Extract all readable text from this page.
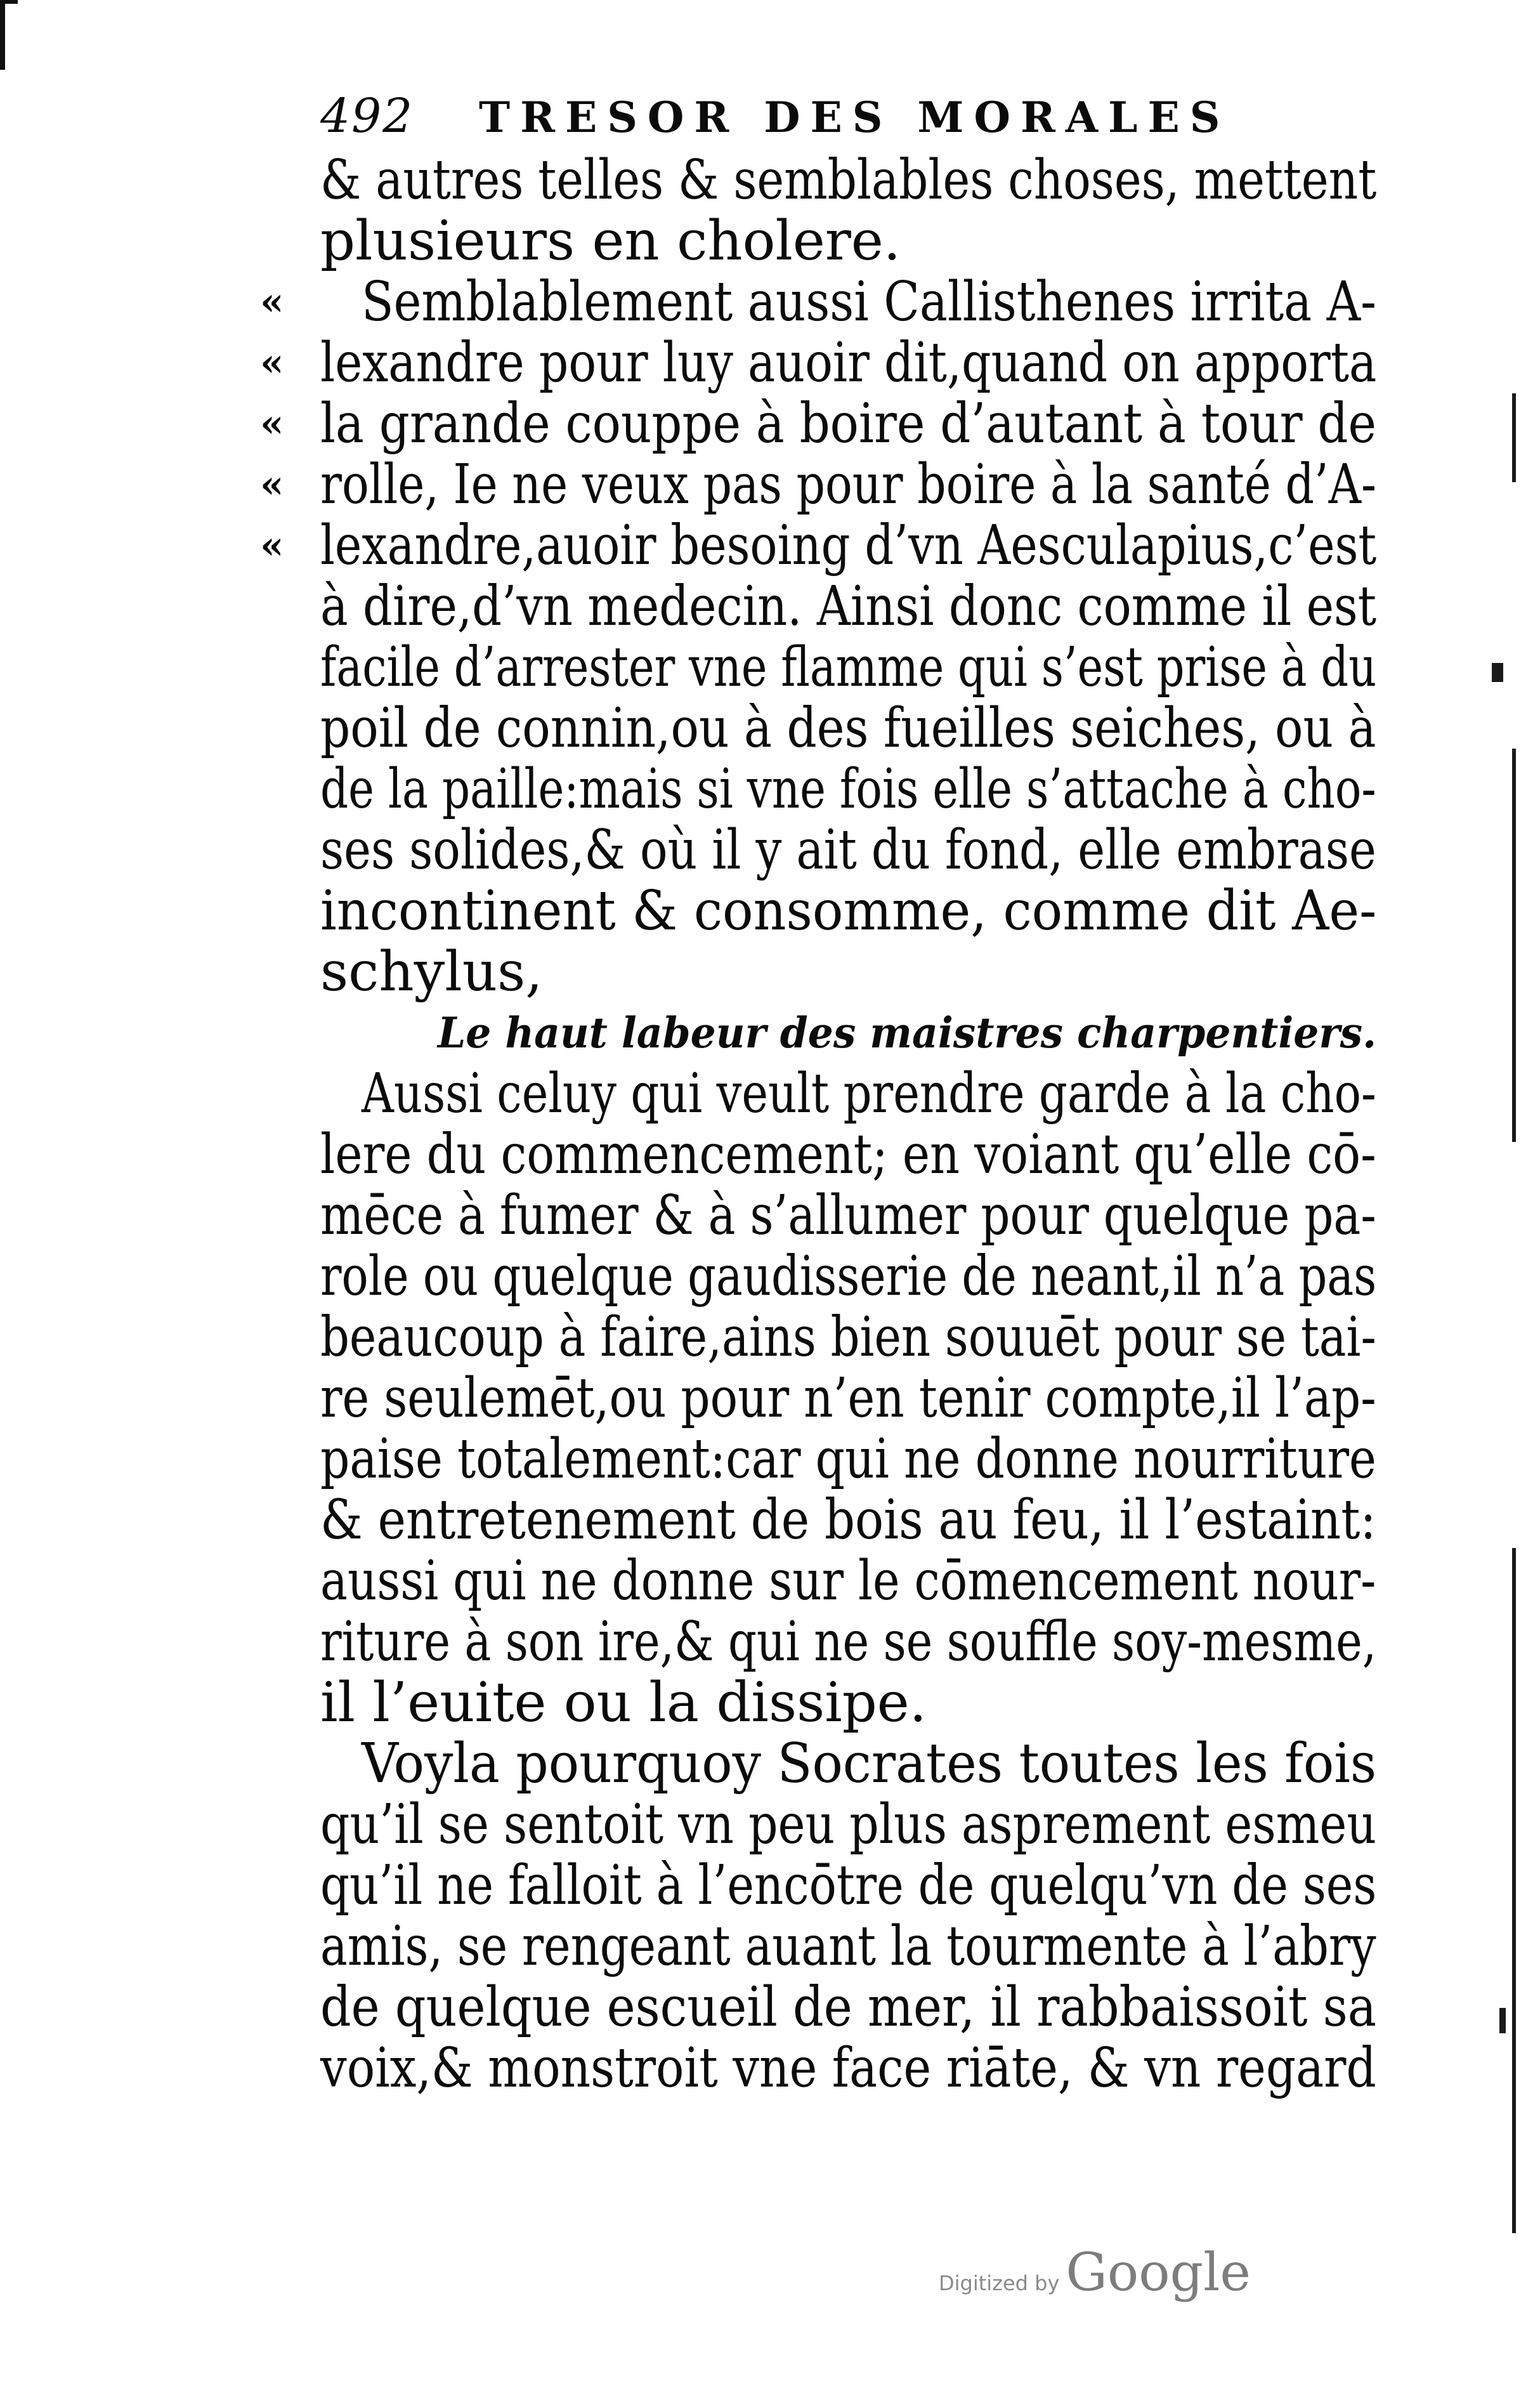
492	TRESOR DES MORALES
& autres telles & semblables choses, mettent
plusieurs en cholere.
« Semblablement aussi Callisthenes irrita A-
« lexandre pour luy auoir dit,quand on apporta
« la grande couppe à boire d’autant à tour de
« rolle, Ie ne veux pas pour boire à la santé d’A-
« lexandre,auoir besoing d’vn Aesculapius,c’est
à dire,d’vn medecin. Ainsi donc comme il est
facile d’arrester vne flamme qui s’est prise à du
poil de connin,ou à des fueilles seiches, ou à
de la paille:mais si vne fois elle s’attache à cho-
ses solides,& où il y ait du fond, elle embrase
incontinent & consomme, comme dit Ae-
schylus,
Le haut labeur des maistres charpentiers.
Aussi celuy qui veult prendre garde à la cho-
lere du commencement; en voiant qu’elle cō-
mēce à fumer & à s’allumer pour quelque pa-
role ou quelque gaudisserie de neant,il n’a pas
beaucoup à faire,ains bien souuēt pour se tai-
re seulemēt,ou pour n’en tenir compte,il l’ap-
paise totalement:car qui ne donne nourriture
& entretenement de bois au feu, il l’estaint:
aussi qui ne donne sur le cōmencement nour-
riture à son ire,& qui ne se souffle soy-mesme,
il l’euite ou la dissipe.
Voyla pourquoy Socrates toutes les fois
qu’il se sentoit vn peu plus asprement esmeu
qu’il ne falloit à l’encōtre de quelqu’vn de ses
amis, se rengeant auant la tourmente à l’abry
de quelque escueil de mer, il rabbaissoit sa
voix,& monstroit vne face riāte, & vn regard
Digitized by Google
